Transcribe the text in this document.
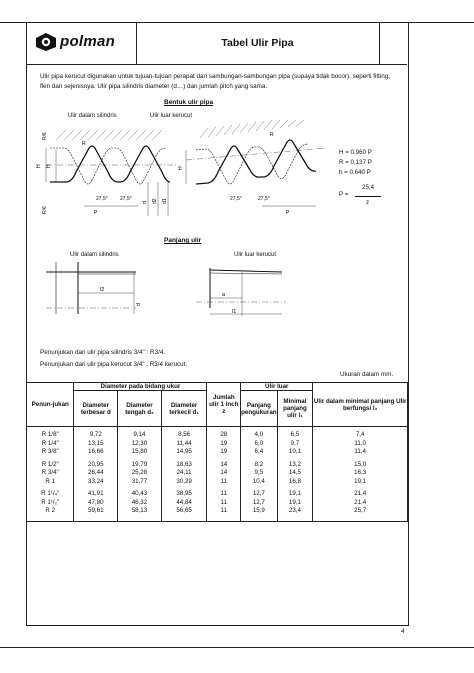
polman	Tabel Ulir Pipa
Ulir pipa kerucut digunakan untuk tujuan-tujuan perapat dari sambungan-sambungan pipa (supaya tidak bocor), seperti fitting, flen dan sejenisnya. Ulir pipa silindris diameter (d…) dan jumlah pitch yang sama.
Bentuk ulir pipa
Ulir dalam silindris	Ulir luar kerucut
H H
R/6
R/6
R
27,5° 27,5°
P
d d2 d1
H
R
27,5°	27,5°
P
H = 0,960 P
R = 0,137 P
h = 0,640 P
25,4
P =
z
Panjang ulir
Ulir dalam silindris	Ulir luar kerucut
l2
d
a
l1
Penunjukan dari ulir pipa silindris 3/4" : R3/4.
Penunjukan dari ulir pipa kerucut 3/4" : R3/4 kerucut.
Ukuran dalam mm.
Penun-jukan	Diameter pada bidang ukur			Jumlah ulir 1 inch z	Ulir luar		Ulir dalam minimal panjang Ulir berfungsi l₂
	Diameter terbesar d	Diameter tengah d₂	Diameter terkecil d₁		Panjang pengukuran	Minimal panjang ulir l₁	
R 1/8"	9,72	9,14	8,56	28	4,0	6,5	7,4
R 1/4"	13,15	12,30	11,44	19	6,0	9,7	11,0
R 3/8"	16,66	15,80	14,95	19	6,4	10,1	11,4
R 1/2"	20,95	19,79	18,63	14	8,2	13,2	15,0
R 3/4"	26,44	25,28	24,11	14	9,5	14,5	16,3
R 1	33,24	31,77	30,29	11	10,4	16,8	19,1
R 1¹/₄"	41,91	40,43	38,95	11	12,7	19,1	21,4
R 1¹/₂"	47,80	46,32	44,84	11	12,7	19,1	21,4
R 2	59,61	58,13	56,65	11	15,9	23,4	25,7
4
